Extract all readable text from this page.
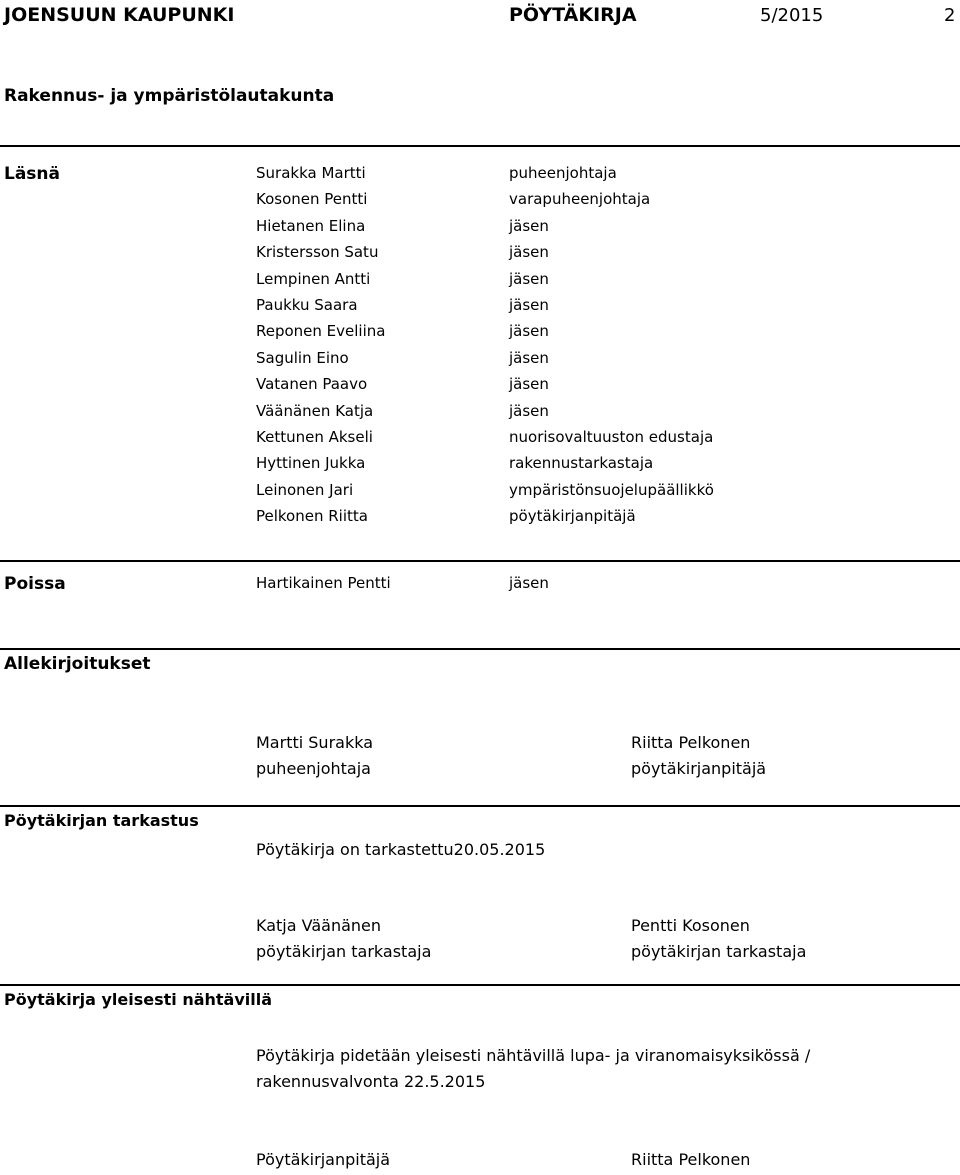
JOENSUUN KAUPUNKI	PÖYTÄKIRJA	5/2015	2
Rakennus- ja ympäristölautakunta
Läsnä	Surakka Martti	puheenjohtaja
Kosonen Pentti	varapuheenjohtaja
Hietanen Elina	jäsen
Kristersson Satu	jäsen
Lempinen Antti	jäsen
Paukku Saara	jäsen
Reponen Eveliina	jäsen
Sagulin Eino	jäsen
Vatanen Paavo	jäsen
Väänänen Katja	jäsen
Kettunen Akseli	nuorisovaltuuston edustaja
Hyttinen Jukka	rakennustarkastaja
Leinonen Jari	ympäristönsuojelupäällikkö
Pelkonen Riitta	pöytäkirjanpitäjä
Poissa	Hartikainen Pentti	jäsen
Allekirjoitukset
Martti Surakka
puheenjohtaja
Riitta Pelkonen
pöytäkirjanpitäjä
Pöytäkirjan tarkastus
Pöytäkirja on tarkastettu20.05.2015
Katja Väänänen
pöytäkirjan tarkastaja
Pentti Kosonen
pöytäkirjan tarkastaja
Pöytäkirja yleisesti nähtävillä
Pöytäkirja pidetään yleisesti nähtävillä lupa- ja viranomaisyksikössä /
rakennusvalvonta 22.5.2015
Pöytäkirjanpitäjä	Riitta Pelkonen
